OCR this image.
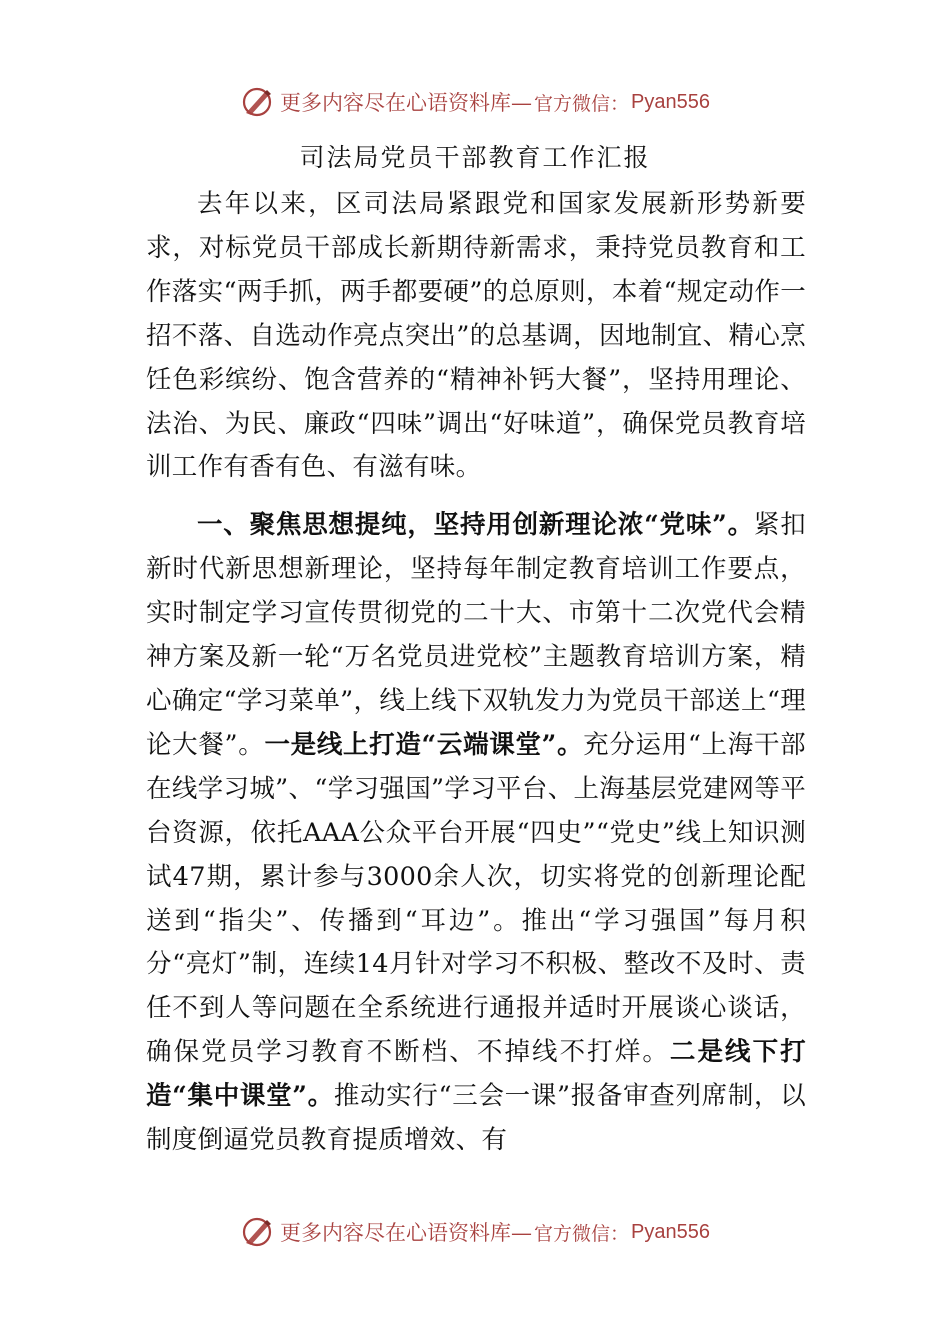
更多内容尽在心语资料库— 官方微信： Pyan556
司法局党员干部教育工作汇报

去年以来，区司法局紧跟党和国家发展新形势新要求，对标党员干部成长新期待新需求，秉持党员教育和工作落实“两手抓，两手都要硬”的总原则，本着“规定动作一招不落、自选动作亮点突出”的总基调，因地制宜、精心烹饪色彩缤纷、饱含营养的“精神补钙大餐”，坚持用理论、法治、为民、廉政“四味”调出“好味道”，确保党员教育培训工作有香有色、有滋有味。

一、聚焦思想提纯，坚持用创新理论浓“党味”。紧扣新时代新思想新理论，坚持每年制定教育培训工作要点，实时制定学习宣传贯彻党的二十大、市第十二次党代会精神方案及新一轮“万名党员进党校”主题教育培训方案，精心确定“学习菜单”，线上线下双轨发力为党员干部送上“理论大餐”。一是线上打造“云端课堂”。充分运用“上海干部在线学习城”、“学习强国”学习平台、上海基层党建网等平台资源，依托AAA公众平台开展“四史”“党史”线上知识测试47期，累计参与3000余人次，切实将党的创新理论配送到“指尖”、传播到“耳边”。推出“学习强国”每月积分“亮灯”制，连续14月针对学习不积极、整改不及时、责任不到人等问题在全系统进行通报并适时开展谈心谈话，确保党员学习教育不断档、不掉线不打烊。二是线下打造“集中课堂”。推动实行“三会一课”报备审查列席制，以制度倒逼党员教育提质增效、有

更多内容尽在心语资料库— 官方微信： Pyan556
